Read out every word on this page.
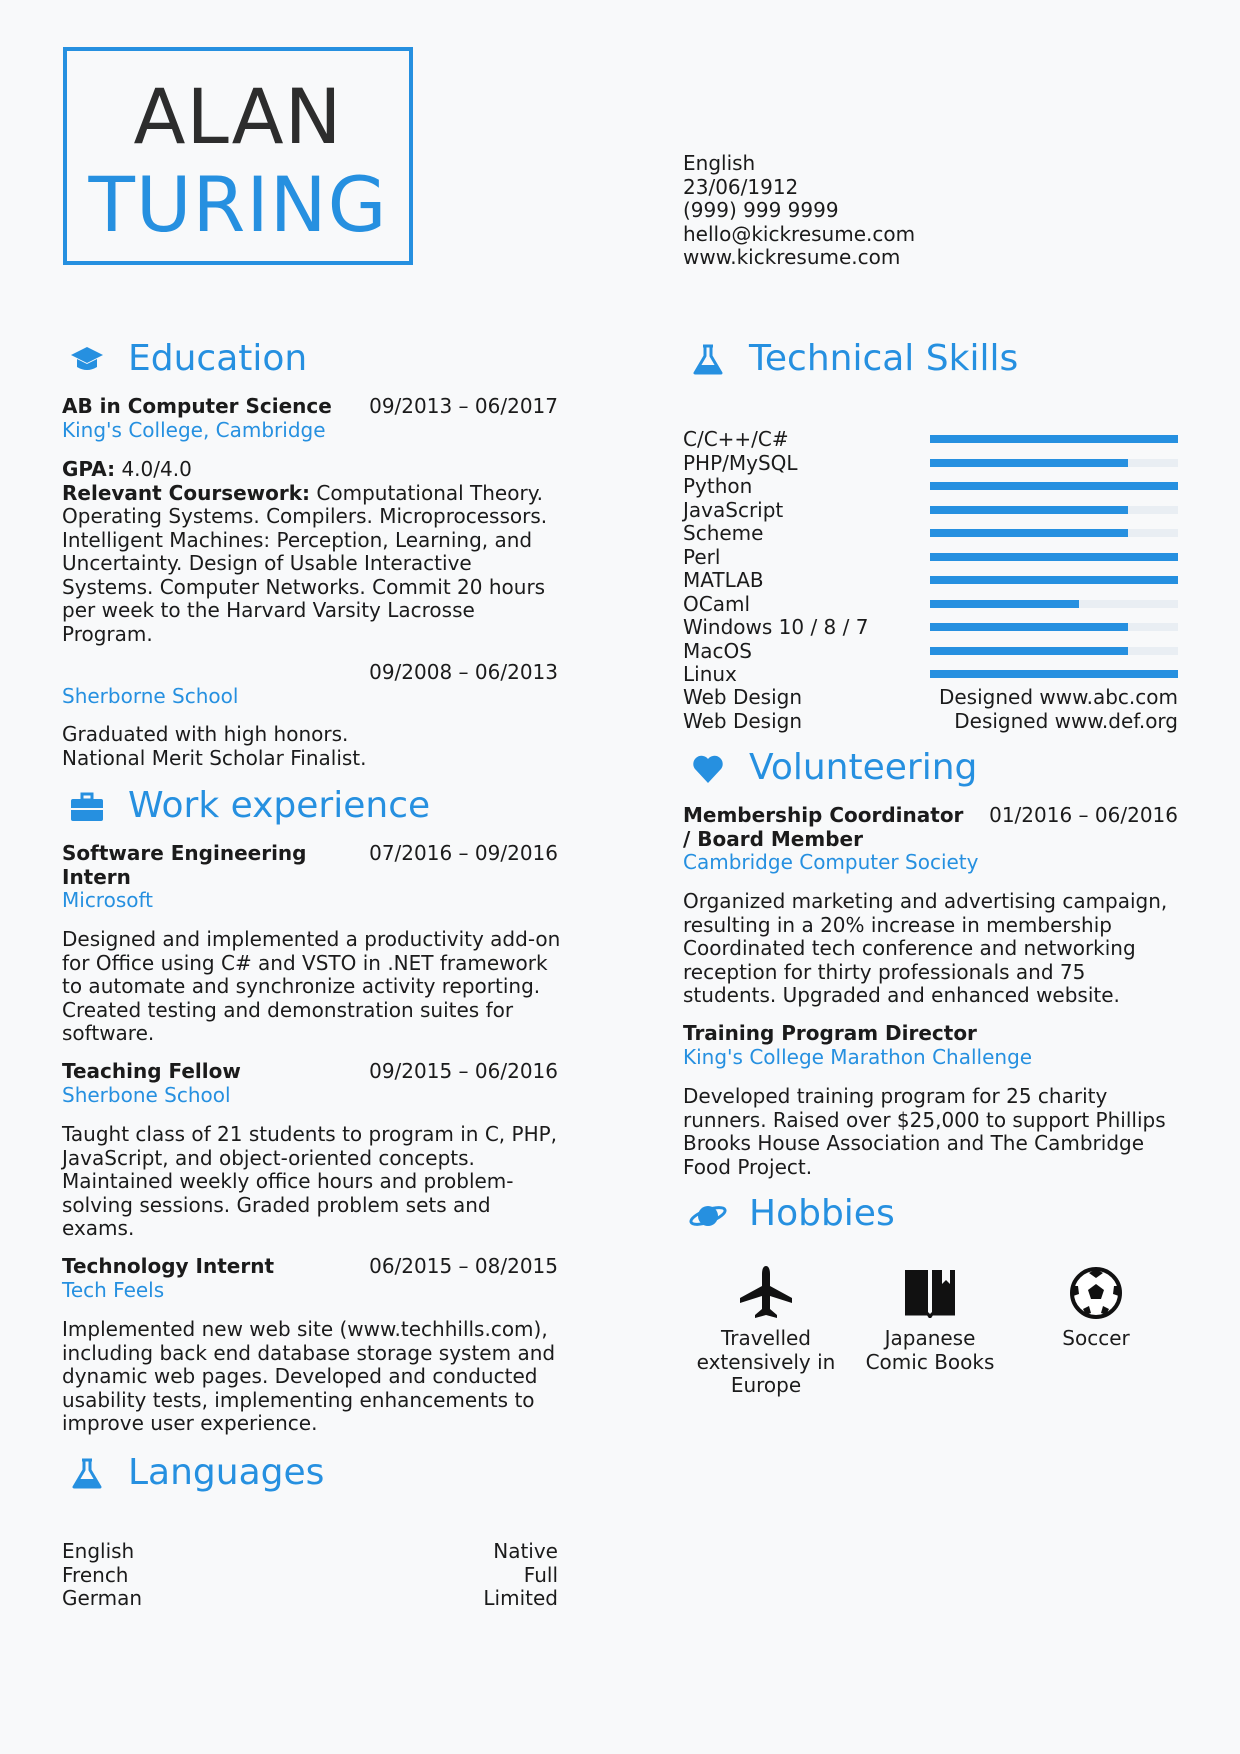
ALAN
TURING	English
23/06/1912
(999) 999 9999
hello@kickresume.com
www.kickresume.com
Education
AB in Computer Science	09/2013 – 06/2017
King's College, Cambridge
GPA: 4.0/4.0
Relevant Coursework: Computational Theory.
Operating Systems. Compilers. Microprocessors.
Intelligent Machines: Perception, Learning, and
Uncertainty. Design of Usable Interactive
Systems. Computer Networks. Commit 20 hours
per week to the Harvard Varsity Lacrosse
Program.
09/2008 – 06/2013
Sherborne School
Graduated with high honors.
National Merit Scholar Finalist.
Work experience
Software Engineering
Intern
07/2016 – 09/2016
Microsoft
Designed and implemented a productivity add-on
for Office using C# and VSTO in .NET framework
to automate and synchronize activity reporting.
Created testing and demonstration suites for
software.
Teaching Fellow	09/2015 – 06/2016
Sherbone School
Taught class of 21 students to program in C, PHP,
JavaScript, and object-oriented concepts.
Maintained weekly office hours and problem-
solving sessions. Graded problem sets and
exams.
Technology Internt	06/2015 – 08/2015
Tech Feels
Implemented new web site (www.techhills.com),
including back end database storage system and
dynamic web pages. Developed and conducted
usability tests, implementing enhancements to
improve user experience.
Languages
English	Native
French	Full
German	Limited
Technical Skills
C/C++/C#
PHP/MySQL
Python
JavaScript
Scheme
Perl
MATLAB
OCaml
Windows 10 / 8 / 7
MacOS
Linux
Web Design	Designed www.abc.com
Web Design	Designed www.def.org
Volunteering
Membership Coordinator
/ Board Member
01/2016 – 06/2016
Cambridge Computer Society
Organized marketing and advertising campaign,
resulting in a 20% increase in membership
Coordinated tech conference and networking
reception for thirty professionals and 75
students. Upgraded and enhanced website.
Training Program Director
King's College Marathon Challenge
Developed training program for 25 charity
runners. Raised over $25,000 to support Phillips
Brooks House Association and The Cambridge
Food Project.
Hobbies
Travelled
extensively in
Europe
Japanese
Comic Books
Soccer
